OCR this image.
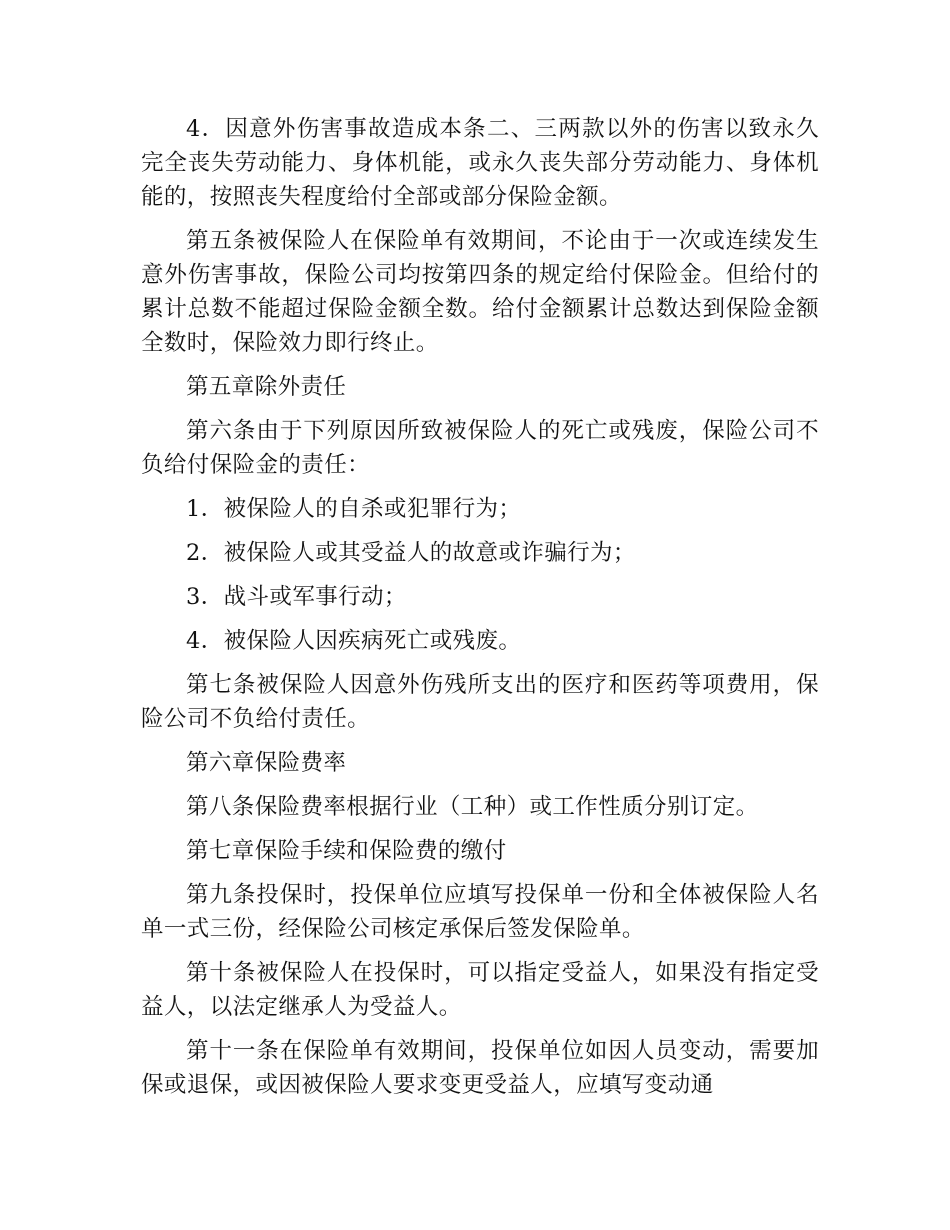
4．因意外伤害事故造成本条二、三两款以外的伤害以致永久完全丧失劳动能力、身体机能，或永久丧失部分劳动能力、身体机能的，按照丧失程度给付全部或部分保险金额。

第五条被保险人在保险单有效期间，不论由于一次或连续发生意外伤害事故，保险公司均按第四条的规定给付保险金。但给付的累计总数不能超过保险金额全数。给付金额累计总数达到保险金额全数时，保险效力即行终止。

第五章除外责任

第六条由于下列原因所致被保险人的死亡或残废，保险公司不负给付保险金的责任：

1．被保险人的自杀或犯罪行为；

2．被保险人或其受益人的故意或诈骗行为；

3．战斗或军事行动；

4．被保险人因疾病死亡或残废。

第七条被保险人因意外伤残所支出的医疗和医药等项费用，保险公司不负给付责任。

第六章保险费率

第八条保险费率根据行业（工种）或工作性质分别订定。

第七章保险手续和保险费的缴付

第九条投保时，投保单位应填写投保单一份和全体被保险人名单一式三份，经保险公司核定承保后签发保险单。

第十条被保险人在投保时，可以指定受益人，如果没有指定受益人，以法定继承人为受益人。

第十一条在保险单有效期间，投保单位如因人员变动，需要加保或退保，或因被保险人要求变更受益人，应填写变动通
